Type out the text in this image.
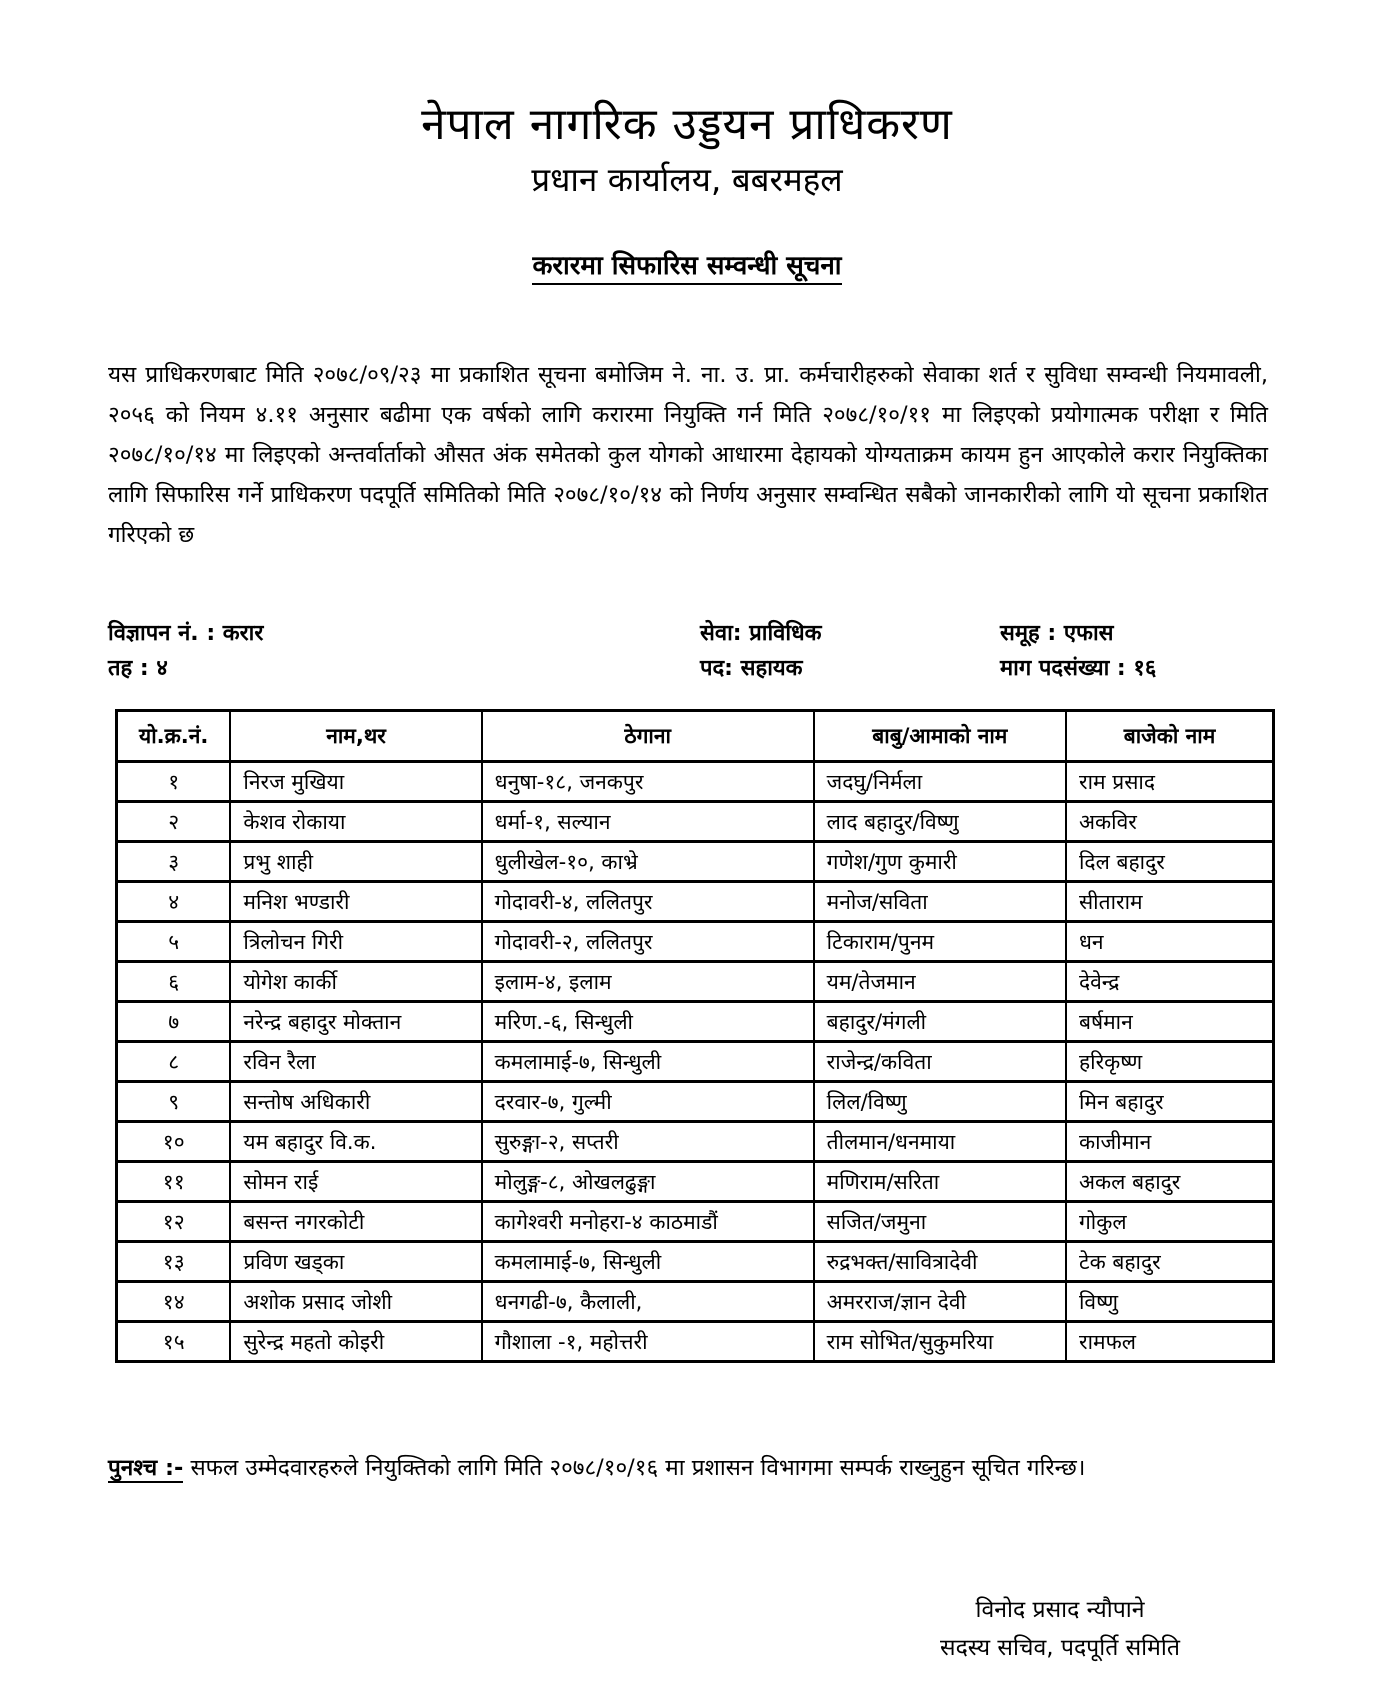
नेपाल नागरिक उड्डयन प्राधिकरण
प्रधान कार्यालय, बबरमहल
करारमा सिफारिस सम्वन्धी सूचना
यस प्राधिकरणबाट मिति २०७८/०९/२३ मा प्रकाशित सूचना बमोजिम ने. ना. उ. प्रा. कर्मचारीहरुको सेवाका शर्त र सुविधा सम्वन्धी नियमावली, २०५६ को नियम ४.११ अनुसार बढीमा एक वर्षको लागि करारमा नियुक्ति गर्न मिति २०७८/१०/११ मा लिइएको प्रयोगात्मक परीक्षा र मिति २०७८/१०/१४ मा लिइएको अन्तर्वार्ताको औसत अंक समेतको कुल योगको आधारमा देहायको योग्यताक्रम कायम हुन आएकोले करार नियुक्तिका लागि सिफारिस गर्ने प्राधिकरण पदपूर्ति समितिको मिति २०७८/१०/१४ को निर्णय अनुसार सम्वन्धित सबैको जानकारीको लागि यो सूचना प्रकाशित गरिएको छ
विज्ञापन नं. : करार
तह : ४
सेवा: प्राविधिक
पद: सहायक
समूह : एफास
माग पदसंख्या : १६
यो.क्र.नं.	नाम,थर	ठेगाना	बाबु/आमाको नाम	बाजेको नाम
१	निरज मुखिया	धनुषा-१८, जनकपुर	जदघु/निर्मला	राम प्रसाद
२	केशव रोकाया	धर्मा-१, सल्यान	लाद बहादुर/विष्णु	अकविर
३	प्रभु शाही	धुलीखेल-१०, काभ्रे	गणेश/गुण कुमारी	दिल बहादुर
४	मनिश भण्डारी	गोदावरी-४, ललितपुर	मनोज/सविता	सीताराम
५	त्रिलोचन गिरी	गोदावरी-२, ललितपुर	टिकाराम/पुनम	धन
६	योगेश कार्की	इलाम-४, इलाम	यम/तेजमान	देवेन्द्र
७	नरेन्द्र बहादुर मोक्तान	मरिण.-६, सिन्धुली	बहादुर/मंगली	बर्षमान
८	रविन रैला	कमलामाई-७, सिन्धुली	राजेन्द्र/कविता	हरिकृष्ण
९	सन्तोष अधिकारी	दरवार-७, गुल्मी	लिल/विष्णु	मिन बहादुर
१०	यम बहादुर वि.क.	सुरुङ्गा-२, सप्तरी	तीलमान/धनमाया	काजीमान
११	सोमन राई	मोलुङ्ग-८, ओखलढुङ्गा	मणिराम/सरिता	अकल बहादुर
१२	बसन्त नगरकोटी	कागेश्वरी मनोहरा-४ काठमाडौं	सजित/जमुना	गोकुल
१३	प्रविण खड्का	कमलामाई-७, सिन्धुली	रुद्रभक्त/सावित्रादेवी	टेक बहादुर
१४	अशोक प्रसाद जोशी	धनगढी-७, कैलाली,	अमरराज/ज्ञान देवी	विष्णु
१५	सुरेन्द्र महतो कोइरी	गौशाला -१, महोत्तरी	राम सोभित/सुकुमरिया	रामफल
पुनश्च :- सफल उम्मेदवारहरुले नियुक्तिको लागि मिति २०७८/१०/१६ मा प्रशासन विभागमा सम्पर्क राख्नुहुन सूचित गरिन्छ।
विनोद प्रसाद न्यौपाने
सदस्य सचिव, पदपूर्ति समिति
